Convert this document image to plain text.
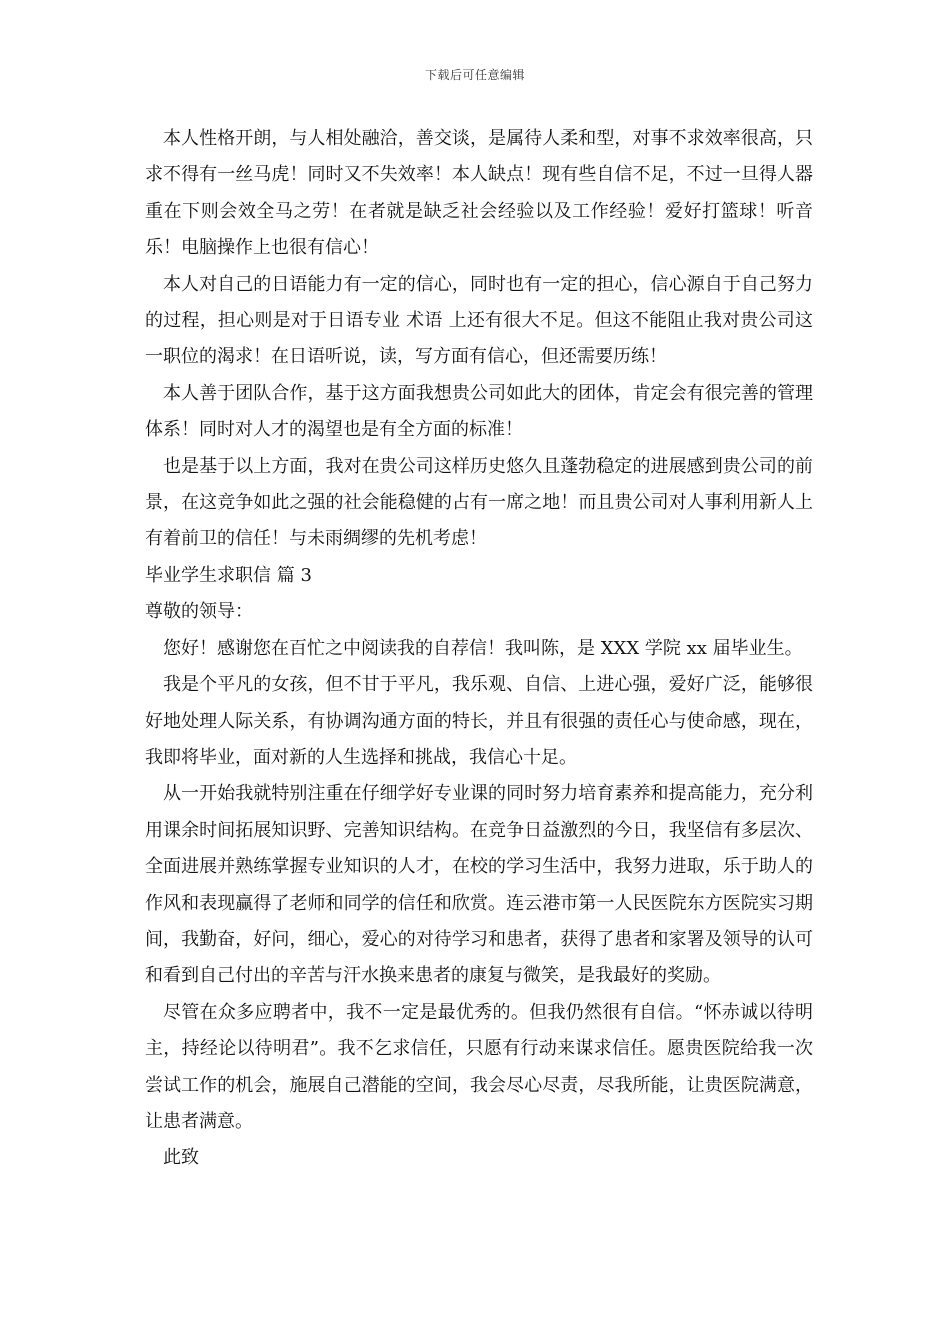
下载后可任意编辑

本人性格开朗，与人相处融洽，善交谈，是属待人柔和型，对事不求效率很高，只求不得有一丝马虎！同时又不失效率！本人缺点！现有些自信不足，不过一旦得人器重在下则会效全马之劳！在者就是缺乏社会经验以及工作经验！爱好打篮球！听音乐！电脑操作上也很有信心！

本人对自己的日语能力有一定的信心，同时也有一定的担心，信心源自于自己努力的过程，担心则是对于日语专业 术语 上还有很大不足。但这不能阻止我对贵公司这一职位的渴求！在日语听说，读，写方面有信心，但还需要历练！

本人善于团队合作，基于这方面我想贵公司如此大的团体，肯定会有很完善的管理体系！同时对人才的渴望也是有全方面的标准！

也是基于以上方面，我对在贵公司这样历史悠久且蓬勃稳定的进展感到贵公司的前景，在这竞争如此之强的社会能稳健的占有一席之地！而且贵公司对人事利用新人上有着前卫的信任！与未雨绸缪的先机考虑！

毕业学生求职信 篇 3

尊敬的领导：

您好！感谢您在百忙之中阅读我的自荐信！我叫陈，是 XXX 学院 xx 届毕业生。

我是个平凡的女孩，但不甘于平凡，我乐观、自信、上进心强，爱好广泛，能够很好地处理人际关系，有协调沟通方面的特长，并且有很强的责任心与使命感，现在，我即将毕业，面对新的人生选择和挑战，我信心十足。

从一开始我就特别注重在仔细学好专业课的同时努力培育素养和提高能力，充分利用课余时间拓展知识野、完善知识结构。在竞争日益激烈的今日，我坚信有多层次、全面进展并熟练掌握专业知识的人才，在校的学习生活中，我努力进取，乐于助人的作风和表现赢得了老师和同学的信任和欣赏。连云港市第一人民医院东方医院实习期间，我勤奋，好问，细心，爱心的对待学习和患者，获得了患者和家署及领导的认可和看到自己付出的辛苦与汗水换来患者的康复与微笑，是我最好的奖励。

尽管在众多应聘者中，我不一定是最优秀的。但我仍然很有自信。“怀赤诚以待明主，持经论以待明君”。我不乞求信任，只愿有行动来谋求信任。愿贵医院给我一次尝试工作的机会，施展自己潜能的空间，我会尽心尽责，尽我所能，让贵医院满意，让患者满意。

此致
